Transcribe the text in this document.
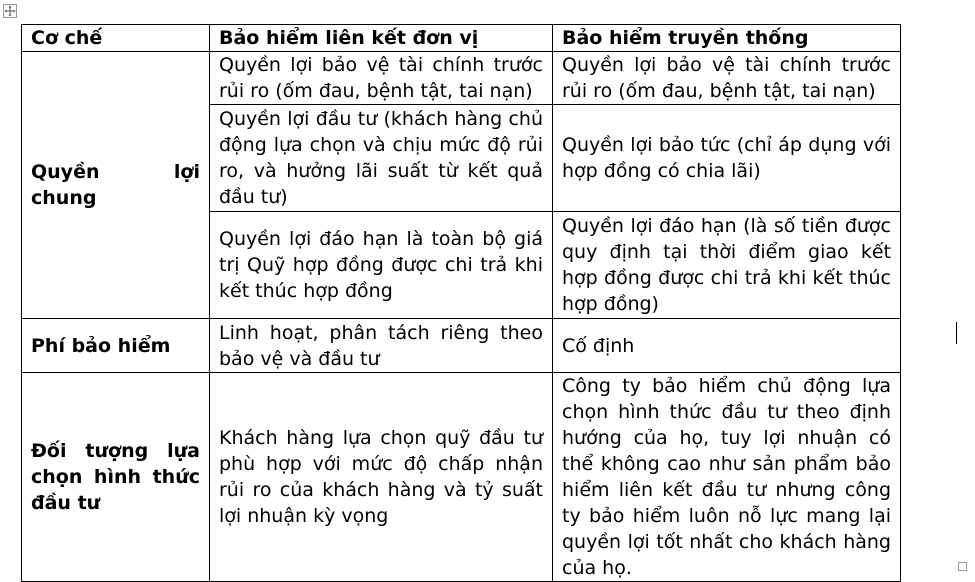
Cơ chế	Bảo hiểm liên kết đơn vị	Bảo hiểm truyền thống
Quyền lợi chung	Quyền lợi bảo vệ tài chính trước rủi ro (ốm đau, bệnh tật, tai nạn)	Quyền lợi bảo vệ tài chính trước rủi ro (ốm đau, bệnh tật, tai nạn)
	Quyền lợi đầu tư (khách hàng chủ động lựa chọn và chịu mức độ rủi ro, và hưởng lãi suất từ kết quả đầu tư)	Quyền lợi bảo tức (chỉ áp dụng với hợp đồng có chia lãi)
	Quyền lợi đáo hạn là toàn bộ giá trị Quỹ hợp đồng được chi trả khi kết thúc hợp đồng	Quyền lợi đáo hạn (là số tiền được quy định tại thời điểm giao kết hợp đồng được chi trả khi kết thúc hợp đồng)
Phí bảo hiểm	Linh hoạt, phân tách riêng theo bảo vệ và đầu tư	Cố định
Đối tượng lựa chọn hình thức đầu tư	Khách hàng lựa chọn quỹ đầu tư phù hợp với mức độ chấp nhận rủi ro của khách hàng và tỷ suất lợi nhuận kỳ vọng	Công ty bảo hiểm chủ động lựa chọn hình thức đầu tư theo định hướng của họ, tuy lợi nhuận có thể không cao như sản phẩm bảo hiểm liên kết đầu tư nhưng công ty bảo hiểm luôn nỗ lực mang lại quyền lợi tốt nhất cho khách hàng của họ.
